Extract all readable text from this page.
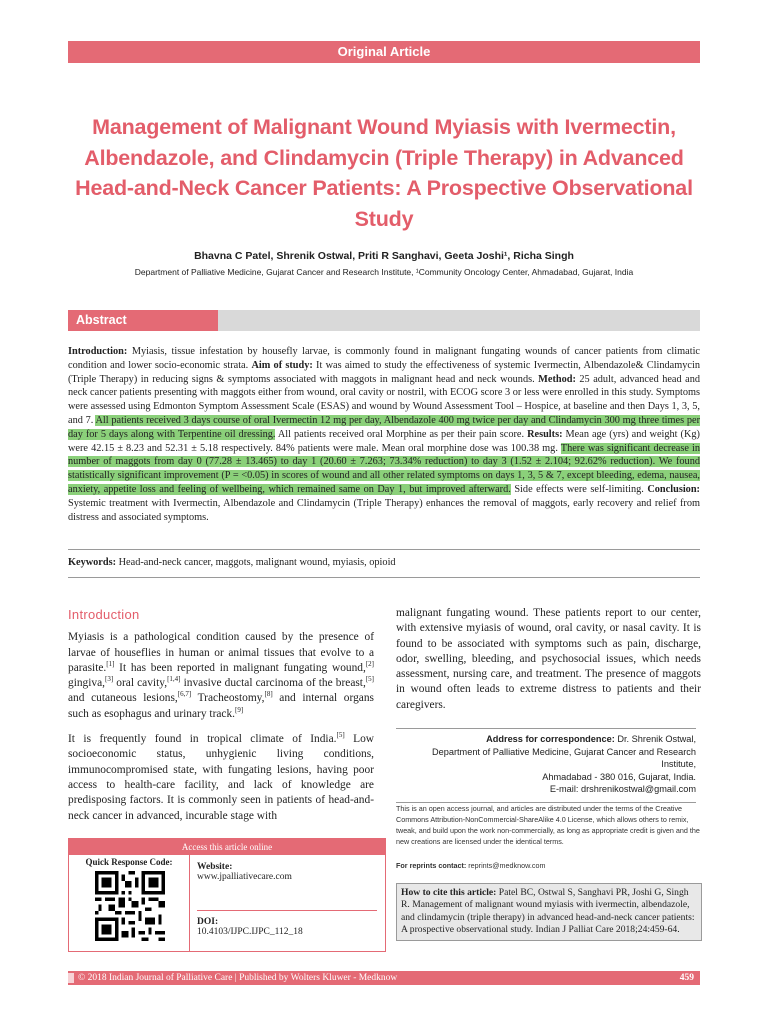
Original Article
Management of Malignant Wound Myiasis with Ivermectin, Albendazole, and Clindamycin (Triple Therapy) in Advanced Head-and-Neck Cancer Patients: A Prospective Observational Study
Bhavna C Patel, Shrenik Ostwal, Priti R Sanghavi, Geeta Joshi¹, Richa Singh
Department of Palliative Medicine, Gujarat Cancer and Research Institute, ¹Community Oncology Center, Ahmadabad, Gujarat, India
Abstract
Introduction: Myiasis, tissue infestation by housefly larvae, is commonly found in malignant fungating wounds of cancer patients from climatic condition and lower socio-economic strata. Aim of study: It was aimed to study the effectiveness of systemic Ivermectin, Albendazole& Clindamycin (Triple Therapy) in reducing signs & symptoms associated with maggots in malignant head and neck wounds. Method: 25 adult, advanced head and neck cancer patients presenting with maggots either from wound, oral cavity or nostril, with ECOG score 3 or less were enrolled in this study. Symptoms were assessed using Edmonton Symptom Assessment Scale (ESAS) and wound by Wound Assessment Tool – Hospice, at baseline and then Days 1, 3, 5, and 7. All patients received 3 days course of oral Ivermectin 12 mg per day, Albendazole 400 mg twice per day and Clindamycin 300 mg three times per day for 5 days along with Terpentine oil dressing. All patients received oral Morphine as per their pain score. Results: Mean age (yrs) and weight (Kg) were 42.15 ± 8.23 and 52.31 ± 5.18 respectively. 84% patients were male. Mean oral morphine dose was 100.38 mg. There was significant decrease in number of maggots from day 0 (77.28 ± 13.465) to day 1 (20.60 ± 7.263; 73.34% reduction) to day 3 (1.52 ± 2.104; 92.62% reduction). We found statistically significant improvement (P = <0.05) in scores of wound and all other related symptoms on days 1, 3, 5 & 7, except bleeding, edema, nausea, anxiety, appetite loss and feeling of wellbeing, which remained same on Day 1, but improved afterward. Side effects were self-limiting. Conclusion: Systemic treatment with Ivermectin, Albendazole and Clindamycin (Triple Therapy) enhances the removal of maggots, early recovery and relief from distress and associated symptoms.
Keywords: Head-and-neck cancer, maggots, malignant wound, myiasis, opioid
Introduction

Myiasis is a pathological condition caused by the presence of larvae of houseflies in human or animal tissues that evolve to a parasite.[1] It has been reported in malignant fungating wound,[2] gingiva,[3] oral cavity,[1,4] invasive ductal carcinoma of the breast,[5] and cutaneous lesions,[6,7] Tracheostomy,[8] and internal organs such as esophagus and urinary track.[9]

It is frequently found in tropical climate of India.[5] Low socioeconomic status, unhygienic living conditions, immunocompromised state, with fungating lesions, having poor access to health-care facility, and lack of knowledge are predisposing factors. It is commonly seen in patients of head-and-neck cancer in advanced, incurable stage with

malignant fungating wound. These patients report to our center, with extensive myiasis of wound, oral cavity, or nasal cavity. It is found to be associated with symptoms such as pain, discharge, odor, swelling, bleeding, and psychosocial issues, which needs assessment, nursing care, and treatment. The presence of maggots in wound often leads to extreme distress to patients and their caregivers.

Access this article online
Quick Response Code:	Website:
www.jpalliativecare.com
DOI:
10.4103/IJPC.IJPC_112_18
Address for correspondence: Dr. Shrenik Ostwal,
Department of Palliative Medicine, Gujarat Cancer and Research Institute,
Ahmadabad - 380 016, Gujarat, India.
E-mail: drshrenikostwal@gmail.com
This is an open access journal, and articles are distributed under the terms of the Creative Commons Attribution-NonCommercial-ShareAlike 4.0 License, which allows others to remix, tweak, and build upon the work non-commercially, as long as appropriate credit is given and the new creations are licensed under the identical terms.
For reprints contact: reprints@medknow.com
How to cite this article: Patel BC, Ostwal S, Sanghavi PR, Joshi G, Singh R. Management of malignant wound myiasis with ivermectin, albendazole, and clindamycin (triple therapy) in advanced head-and-neck cancer patients: A prospective observational study. Indian J Palliat Care 2018;24:459-64.
© 2018 Indian Journal of Palliative Care | Published by Wolters Kluwer - Medknow	459
